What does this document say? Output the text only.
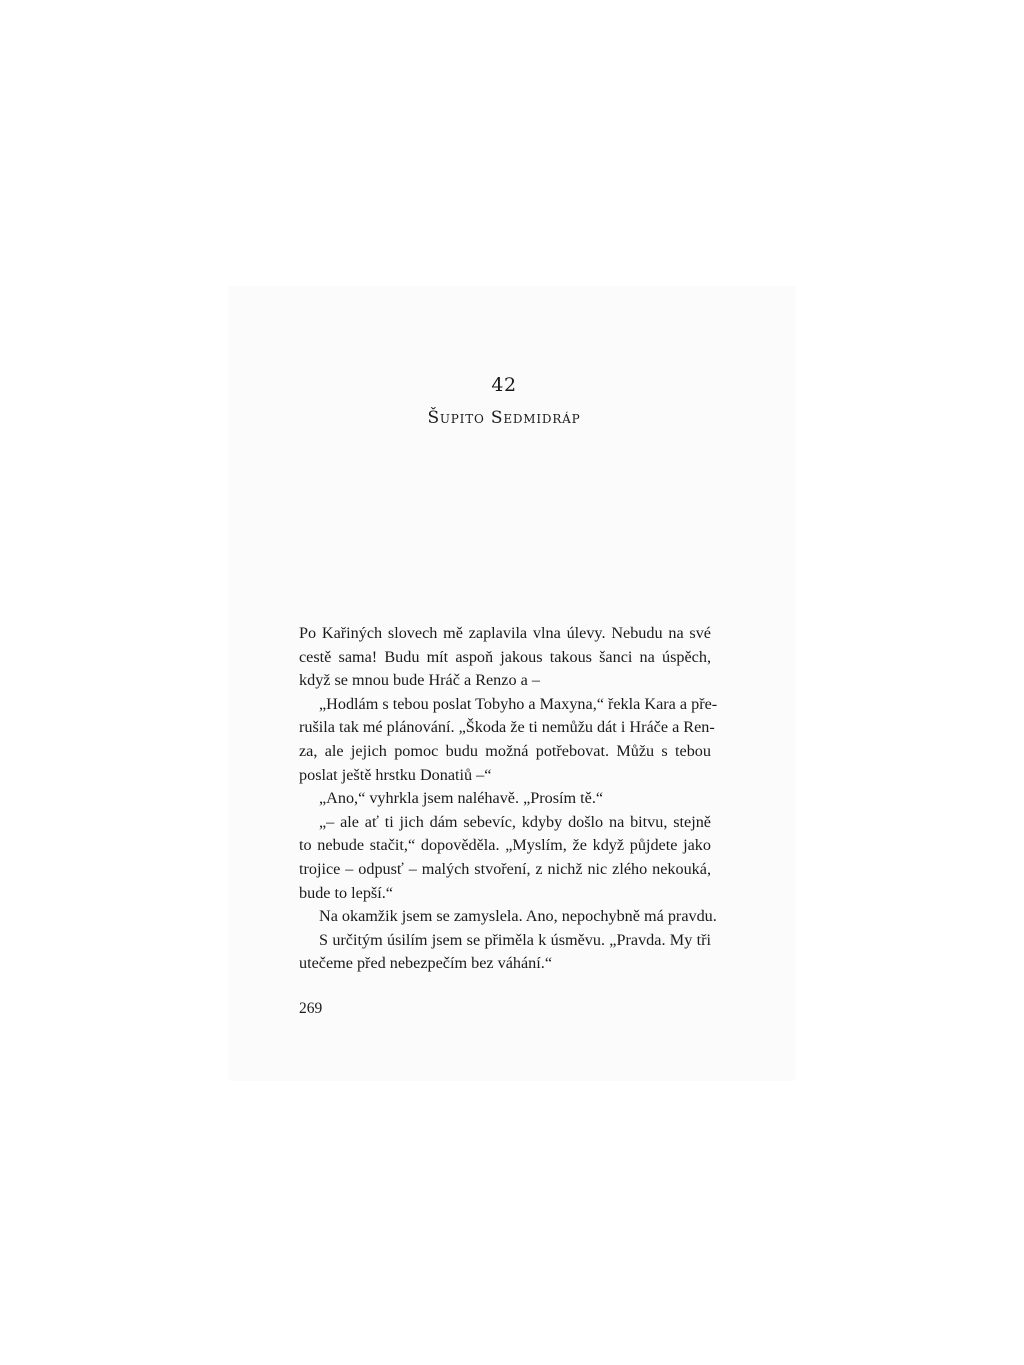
42
Šupito Sedmidráp
Po Kařiných slovech mě zaplavila vlna úlevy. Nebudu na své
cestě sama! Budu mít aspoň jakous takous šanci na úspěch,
když se mnou bude Hráč a Renzo a –
„Hodlám s tebou poslat Tobyho a Maxyna,“ řekla Kara a pře-
rušila tak mé plánování. „Škoda že ti nemůžu dát i Hráče a Ren-
za, ale jejich pomoc budu možná potřebovat. Můžu s tebou
poslat ještě hrstku Donatiů –“
„Ano,“ vyhrkla jsem naléhavě. „Prosím tě.“
„– ale ať ti jich dám sebevíc, kdyby došlo na bitvu, stejně
to nebude stačit,“ dopověděla. „Myslím, že když půjdete jako
trojice – odpusť – malých stvoření, z nichž nic zlého nekouká,
bude to lepší.“
Na okamžik jsem se zamyslela. Ano, nepochybně má pravdu.
S určitým úsilím jsem se přiměla k úsměvu. „Pravda. My tři
utečeme před nebezpečím bez váhání.“
269
